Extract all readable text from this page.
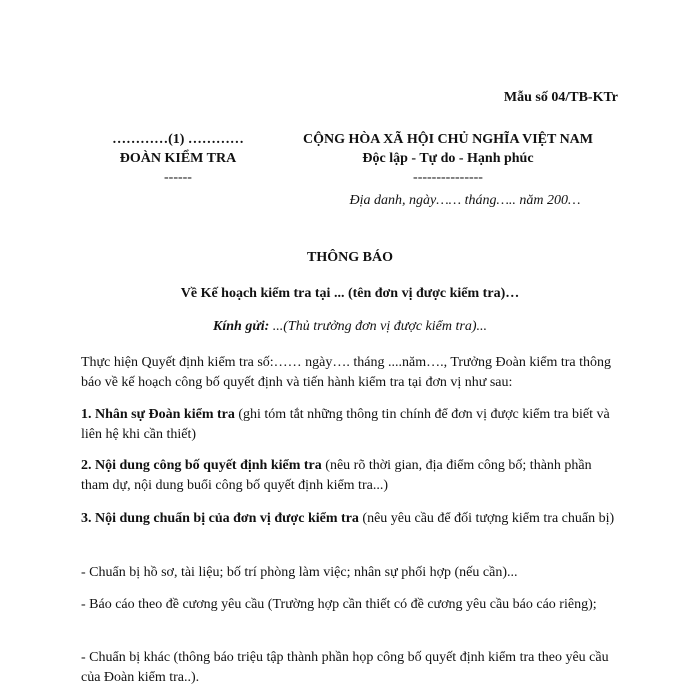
Mẫu số 04/TB-KTr
…………(1) …………
ĐOÀN KIỂM TRA
------
CỘNG HÒA XÃ HỘI CHỦ NGHĨA VIỆT NAM
Độc lập - Tự do - Hạnh phúc
---------------
Địa danh, ngày…… tháng….. năm 200…
THÔNG BÁO
Về Kế hoạch kiểm tra tại ... (tên đơn vị được kiểm tra)…
Kính gửi: ...(Thủ trưởng đơn vị được kiểm tra)...
Thực hiện Quyết định kiểm tra số:…… ngày…. tháng ....năm…., Trưởng Đoàn kiểm tra thông báo về kế hoạch công bố quyết định và tiến hành kiểm tra tại đơn vị như sau:
1. Nhân sự Đoàn kiểm tra (ghi tóm tắt những thông tin chính để đơn vị được kiểm tra biết và liên hệ khi cần thiết)
2. Nội dung công bố quyết định kiểm tra (nêu rõ thời gian, địa điểm công bố; thành phần tham dự, nội dung buổi công bố quyết định kiểm tra...)
3. Nội dung chuẩn bị của đơn vị được kiểm tra (nêu yêu cầu để đối tượng kiểm tra chuẩn bị)
- Chuẩn bị hồ sơ, tài liệu; bố trí phòng làm việc; nhân sự phối hợp (nếu cần)...
- Báo cáo theo đề cương yêu cầu (Trường hợp cần thiết có đề cương yêu cầu báo cáo riêng);
- Chuẩn bị khác (thông báo triệu tập thành phần họp công bố quyết định kiểm tra theo yêu cầu của Đoàn kiểm tra..).
